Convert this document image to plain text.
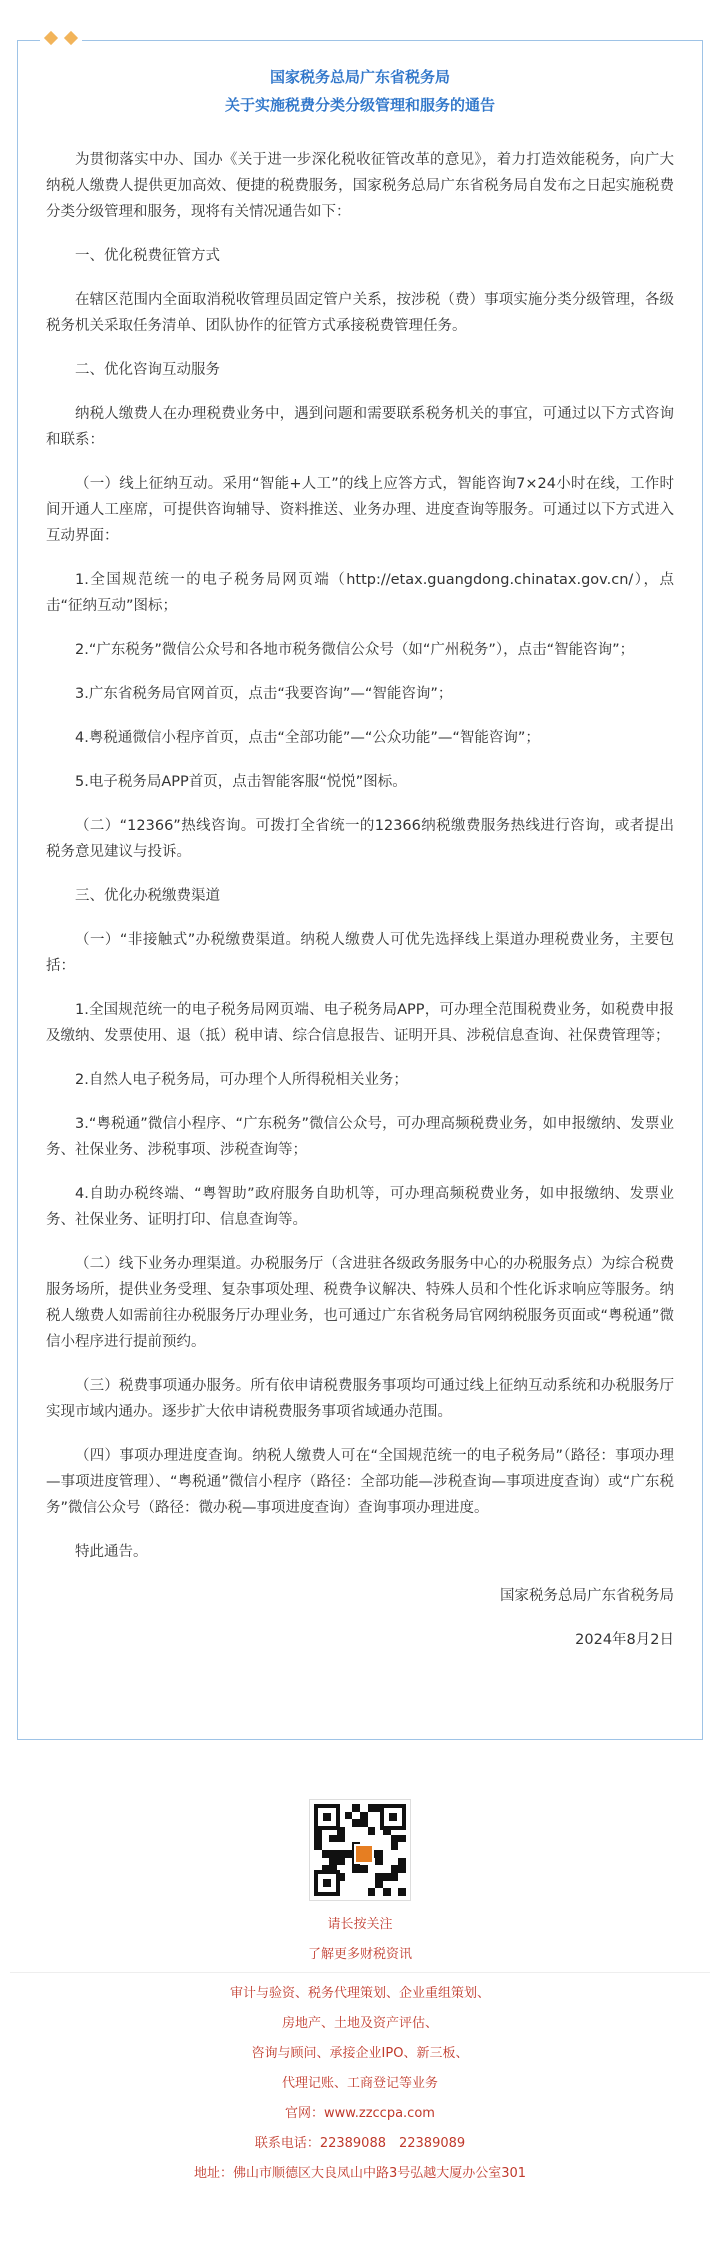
国家税务总局广东省税务局
关于实施税费分类分级管理和服务的通告

为贯彻落实中办、国办《关于进一步深化税收征管改革的意见》，着力打造效能税务，向广大纳税人缴费人提供更加高效、便捷的税费服务，国家税务总局广东省税务局自发布之日起实施税费分类分级管理和服务，现将有关情况通告如下：

一、优化税费征管方式

在辖区范围内全面取消税收管理员固定管户关系，按涉税（费）事项实施分类分级管理，各级税务机关采取任务清单、团队协作的征管方式承接税费管理任务。

二、优化咨询互动服务

纳税人缴费人在办理税费业务中，遇到问题和需要联系税务机关的事宜，可通过以下方式咨询和联系：

（一）线上征纳互动。采用“智能+人工”的线上应答方式，智能咨询7×24小时在线，工作时间开通人工座席，可提供咨询辅导、资料推送、业务办理、进度查询等服务。可通过以下方式进入互动界面：

1.全国规范统一的电子税务局网页端（http://etax.guangdong.chinatax.gov.cn/），点击“征纳互动”图标；

2.“广东税务”微信公众号和各地市税务微信公众号（如“广州税务”），点击“智能咨询”；

3.广东省税务局官网首页，点击“我要咨询”—“智能咨询”；

4.粤税通微信小程序首页，点击“全部功能”—“公众功能”—“智能咨询”；

5.电子税务局APP首页，点击智能客服“悦悦”图标。

（二）“12366”热线咨询。可拨打全省统一的12366纳税缴费服务热线进行咨询，或者提出税务意见建议与投诉。

三、优化办税缴费渠道

（一）“非接触式”办税缴费渠道。纳税人缴费人可优先选择线上渠道办理税费业务，主要包括：

1.全国规范统一的电子税务局网页端、电子税务局APP，可办理全范围税费业务，如税费申报及缴纳、发票使用、退（抵）税申请、综合信息报告、证明开具、涉税信息查询、社保费管理等；

2.自然人电子税务局，可办理个人所得税相关业务；

3.“粤税通”微信小程序、“广东税务”微信公众号，可办理高频税费业务，如申报缴纳、发票业务、社保业务、涉税事项、涉税查询等；

4.自助办税终端、“粤智助”政府服务自助机等，可办理高频税费业务，如申报缴纳、发票业务、社保业务、证明打印、信息查询等。

（二）线下业务办理渠道。办税服务厅（含进驻各级政务服务中心的办税服务点）为综合税费服务场所，提供业务受理、复杂事项处理、税费争议解决、特殊人员和个性化诉求响应等服务。纳税人缴费人如需前往办税服务厅办理业务，也可通过广东省税务局官网纳税服务页面或“粤税通”微信小程序进行提前预约。

（三）税费事项通办服务。所有依申请税费服务事项均可通过线上征纳互动系统和办税服务厅实现市域内通办。逐步扩大依申请税费服务事项省域通办范围。

（四）事项办理进度查询。纳税人缴费人可在“全国规范统一的电子税务局”（路径：事项办理—事项进度管理）、“粤税通”微信小程序（路径：全部功能—涉税查询—事项进度查询）或“广东税务”微信公众号（路径：微办税—事项进度查询）查询事项办理进度。

特此通告。

国家税务总局广东省税务局

2024年8月2日

请长按关注
了解更多财税资讯
审计与验资、税务代理策划、企业重组策划、
房地产、土地及资产评估、
咨询与顾问、承接企业IPO、新三板、
代理记账、工商登记等业务
官网：www.zzccpa.com
联系电话：22389088　22389089
地址：佛山市顺德区大良凤山中路3号弘越大厦办公室301
